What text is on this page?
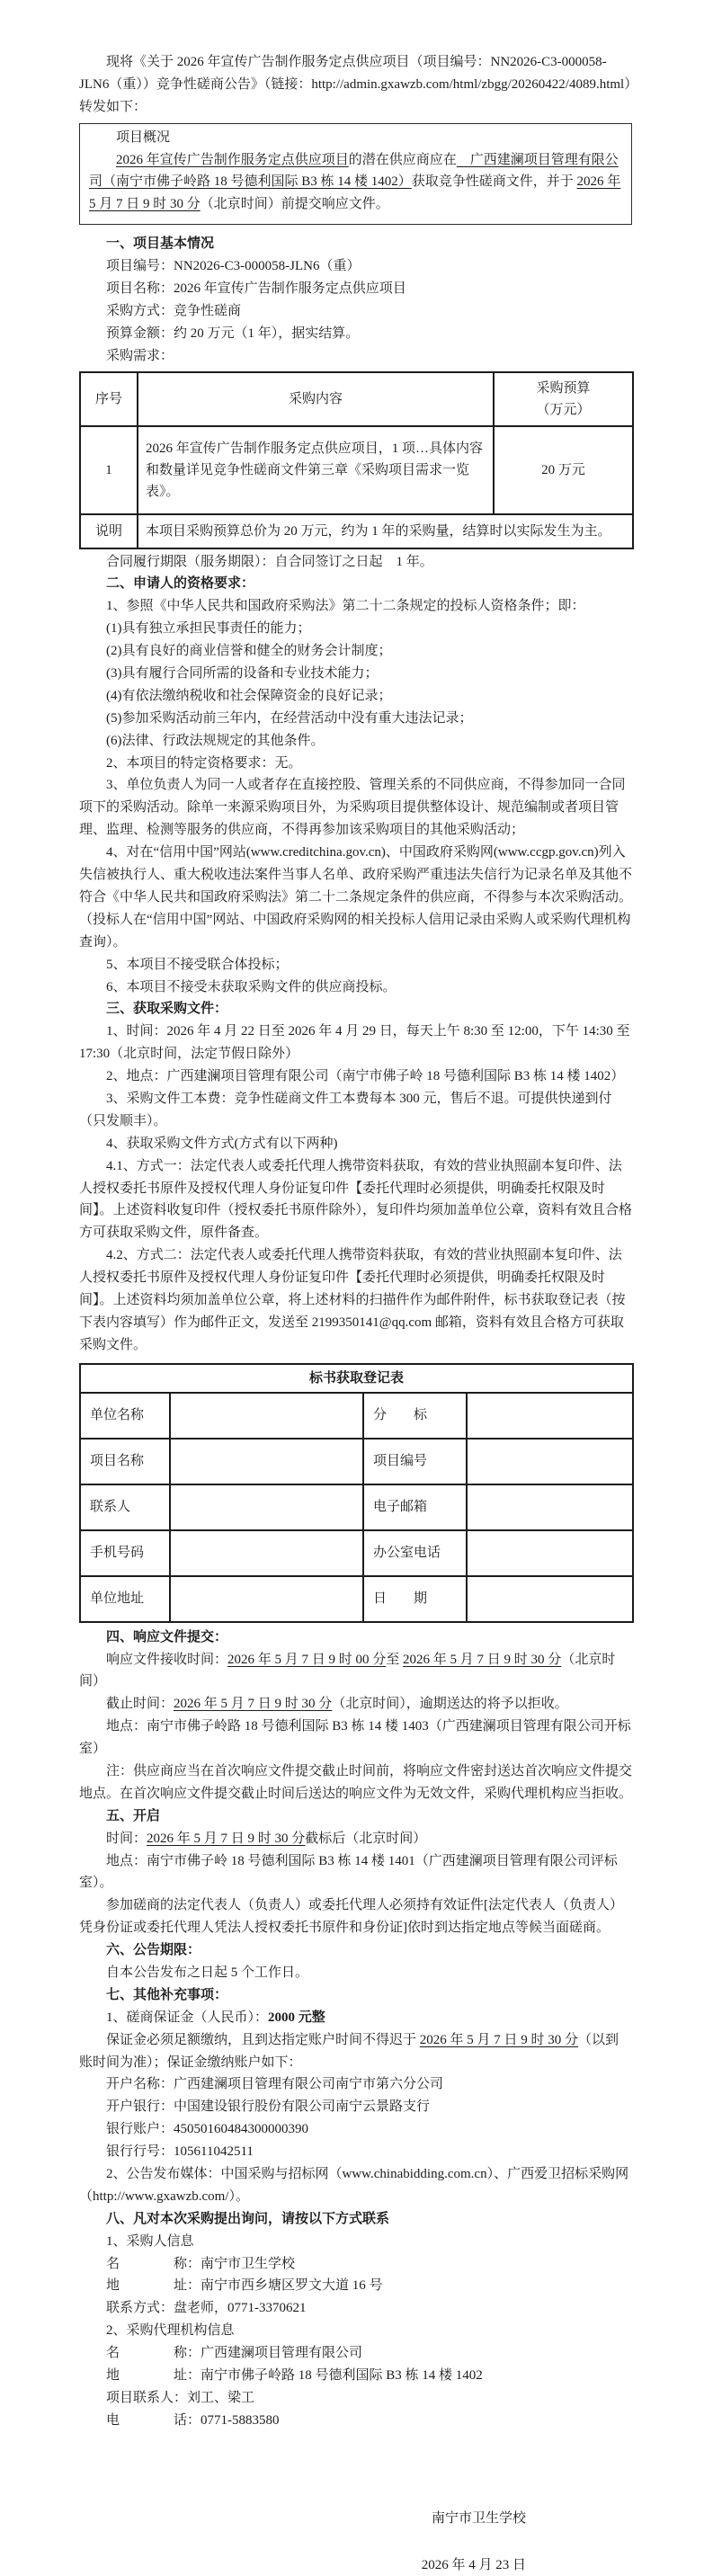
现将《关于 2026 年宣传广告制作服务定点供应项目（项目编号：NN2026-C3-000058-JLN6（重））竞争性磋商公告》（链接：http://admin.gxawzb.com/html/zbgg/20260422/4089.html）转发如下：

项目概况

2026 年宣传广告制作服务定点供应项目的潜在供应商应在　广西建澜项目管理有限公司（南宁市佛子岭路 18 号德利国际 B3 栋 14 楼 1402）获取竞争性磋商文件，并于 2026 年 5 月 7 日 9 时 30 分（北京时间）前提交响应文件。

一、项目基本情况

项目编号：NN2026-C3-000058-JLN6（重）

项目名称：2026 年宣传广告制作服务定点供应项目

采购方式：竞争性磋商

预算金额：约 20 万元（1 年），据实结算。

采购需求：

序号	采购内容	采购预算
（万元）

1	2026 年宣传广告制作服务定点供应项目，1 项…具体内容和数量详见竞争性磋商文件第三章《采购项目需求一览表》。	20 万元
说明	本项目采购预算总价为 20 万元，约为 1 年的采购量，结算时以实际发生为主。	

合同履行期限（服务期限）：自合同签订之日起　1 年。

二、申请人的资格要求：

1、参照《中华人民共和国政府采购法》第二十二条规定的投标人资格条件；即：

(1)具有独立承担民事责任的能力；

(2)具有良好的商业信誉和健全的财务会计制度；

(3)具有履行合同所需的设备和专业技术能力；

(4)有依法缴纳税收和社会保障资金的良好记录；

(5)参加采购活动前三年内，在经营活动中没有重大违法记录；

(6)法律、行政法规规定的其他条件。

2、本项目的特定资格要求：无。

3、单位负责人为同一人或者存在直接控股、管理关系的不同供应商，不得参加同一合同项下的采购活动。除单一来源采购项目外，为采购项目提供整体设计、规范编制或者项目管理、监理、检测等服务的供应商，不得再参加该采购项目的其他采购活动；

4、对在“信用中国”网站(www.creditchina.gov.cn)、中国政府采购网(www.ccgp.gov.cn)列入失信被执行人、重大税收违法案件当事人名单、政府采购严重违法失信行为记录名单及其他不符合《中华人民共和国政府采购法》第二十二条规定条件的供应商，不得参与本次采购活动。（投标人在“信用中国”网站、中国政府采购网的相关投标人信用记录由采购人或采购代理机构查询）。

5、本项目不接受联合体投标；

6、本项目不接受未获取采购文件的供应商投标。

三、获取采购文件：

1、时间：2026 年 4 月 22 日至 2026 年 4 月 29 日，每天上午 8:30 至 12:00，下午 14:30 至 17:30（北京时间，法定节假日除外）

2、地点：广西建澜项目管理有限公司（南宁市佛子岭 18 号德利国际 B3 栋 14 楼 1402）

3、采购文件工本费：竞争性磋商文件工本费每本 300 元，售后不退。可提供快递到付（只发顺丰）。

4、获取采购文件方式(方式有以下两种)

4.1、方式一：法定代表人或委托代理人携带资料获取，有效的营业执照副本复印件、法人授权委托书原件及授权代理人身份证复印件【委托代理时必须提供，明确委托权限及时间】。上述资料收复印件（授权委托书原件除外），复印件均须加盖单位公章，资料有效且合格方可获取采购文件，原件备查。

4.2、方式二：法定代表人或委托代理人携带资料获取，有效的营业执照副本复印件、法人授权委托书原件及授权代理人身份证复印件【委托代理时必须提供，明确委托权限及时间】。上述资料均须加盖单位公章，将上述材料的扫描件作为邮件附件，标书获取登记表（按下表内容填写）作为邮件正文，发送至 2199350141@qq.com 邮箱，资料有效且合格方可获取采购文件。

标书获取登记表			
单位名称		分　　标	
项目名称		项目编号	
联系人		电子邮箱	
手机号码		办公室电话	
单位地址		日　　期	

四、响应文件提交：

响应文件接收时间：2026 年 5 月 7 日 9 时 00 分至 2026 年 5 月 7 日 9 时 30 分（北京时间）

截止时间：2026 年 5 月 7 日 9 时 30 分（北京时间），逾期送达的将予以拒收。

地点：南宁市佛子岭路 18 号德利国际 B3 栋 14 楼 1403（广西建澜项目管理有限公司开标室）

注：供应商应当在首次响应文件提交截止时间前，将响应文件密封送达首次响应文件提交地点。在首次响应文件提交截止时间后送达的响应文件为无效文件，采购代理机构应当拒收。

五、开启

时间：2026 年 5 月 7 日 9 时 30 分截标后（北京时间）

地点：南宁市佛子岭 18 号德利国际 B3 栋 14 楼 1401（广西建澜项目管理有限公司评标室）。

参加磋商的法定代表人（负责人）或委托代理人必须持有效证件[法定代表人（负责人）凭身份证或委托代理人凭法人授权委托书原件和身份证]依时到达指定地点等候当面磋商。

六、公告期限：

自本公告发布之日起 5 个工作日。

七、其他补充事项：

1、磋商保证金（人民币）：2000 元整

保证金必须足额缴纳，且到达指定账户时间不得迟于 2026 年 5 月 7 日 9 时 30 分（以到账时间为准）；保证金缴纳账户如下：

开户名称：广西建澜项目管理有限公司南宁市第六分公司

开户银行：中国建设银行股份有限公司南宁云景路支行

银行账户：45050160484300000390

银行行号：105611042511

2、公告发布媒体：中国采购与招标网（www.chinabidding.com.cn）、广西爱卫招标采购网（http://www.gxawzb.com/）。

八、凡对本次采购提出询问，请按以下方式联系

1、采购人信息

名　　　　称：南宁市卫生学校

地　　　　址：南宁市西乡塘区罗文大道 16 号

联系方式：盘老师，0771-3370621

2、采购代理机构信息

名　　　　称：广西建澜项目管理有限公司

地　　　　址：南宁市佛子岭路 18 号德利国际 B3 栋 14 楼 1402

项目联系人：刘工、梁工

电　　　　话：0771-5883580

南宁市卫生学校

2026 年 4 月 23 日
